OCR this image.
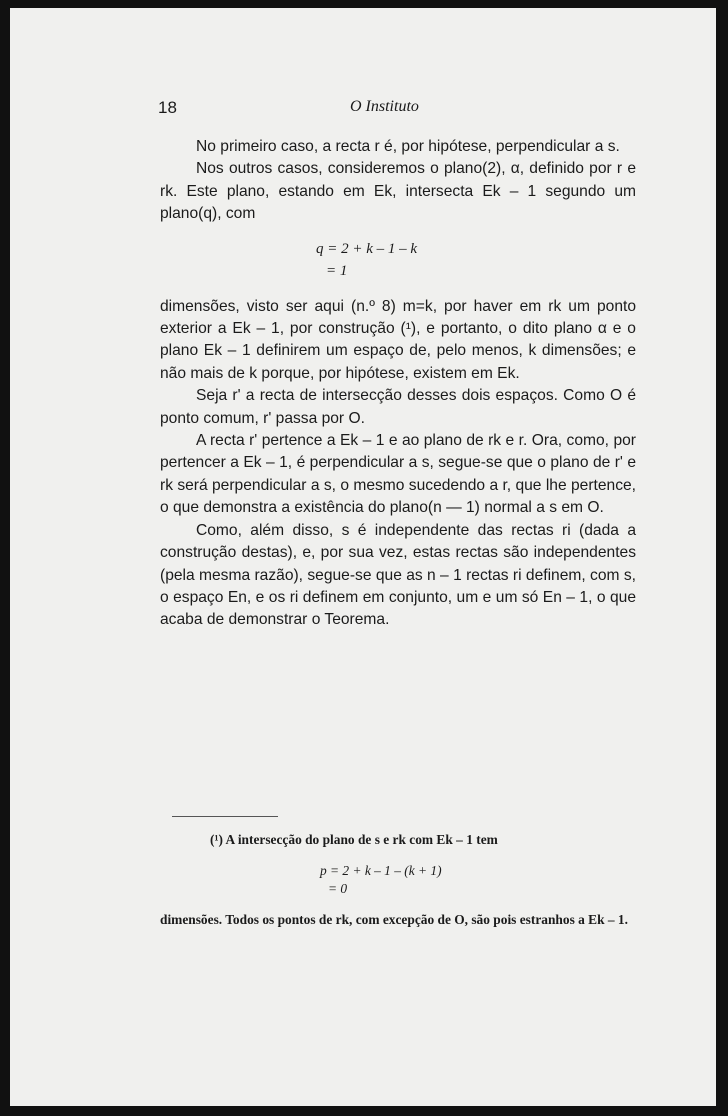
18	O Instituto

No primeiro caso, a recta r é, por hipótese, perpendicular a s.

Nos outros casos, consideremos o plano(2), α, definido por r e rk. Este plano, estando em Ek, intersecta Ek – 1 segundo um plano(q), com

q = 2 + k – 1 – k
= 1

dimensões, visto ser aqui (n.º 8) m=k, por haver em rk um ponto exterior a Ek – 1, por construção (¹), e portanto, o dito plano α e o plano Ek – 1 definirem um espaço de, pelo menos, k dimensões; e não mais de k porque, por hipótese, existem em Ek.

Seja r' a recta de intersecção desses dois espaços. Como O é ponto comum, r' passa por O.

A recta r' pertence a Ek – 1 e ao plano de rk e r. Ora, como, por pertencer a Ek – 1, é perpendicular a s, segue-se que o plano de r' e rk será perpendicular a s, o mesmo sucedendo a r, que lhe pertence, o que demonstra a existência do plano(n — 1) normal a s em O.

Como, além disso, s é independente das rectas ri (dada a construção destas), e, por sua vez, estas rectas são independentes (pela mesma razão), segue-se que as n – 1 rectas ri definem, com s, o espaço En, e os ri definem em conjunto, um e um só En – 1, o que acaba de demonstrar o Teorema.

(¹) A intersecção do plano de s e rk com Ek – 1 tem

p = 2 + k – 1 – (k + 1)
= 0

dimensões. Todos os pontos de rk, com excepção de O, são pois estranhos a Ek – 1.
